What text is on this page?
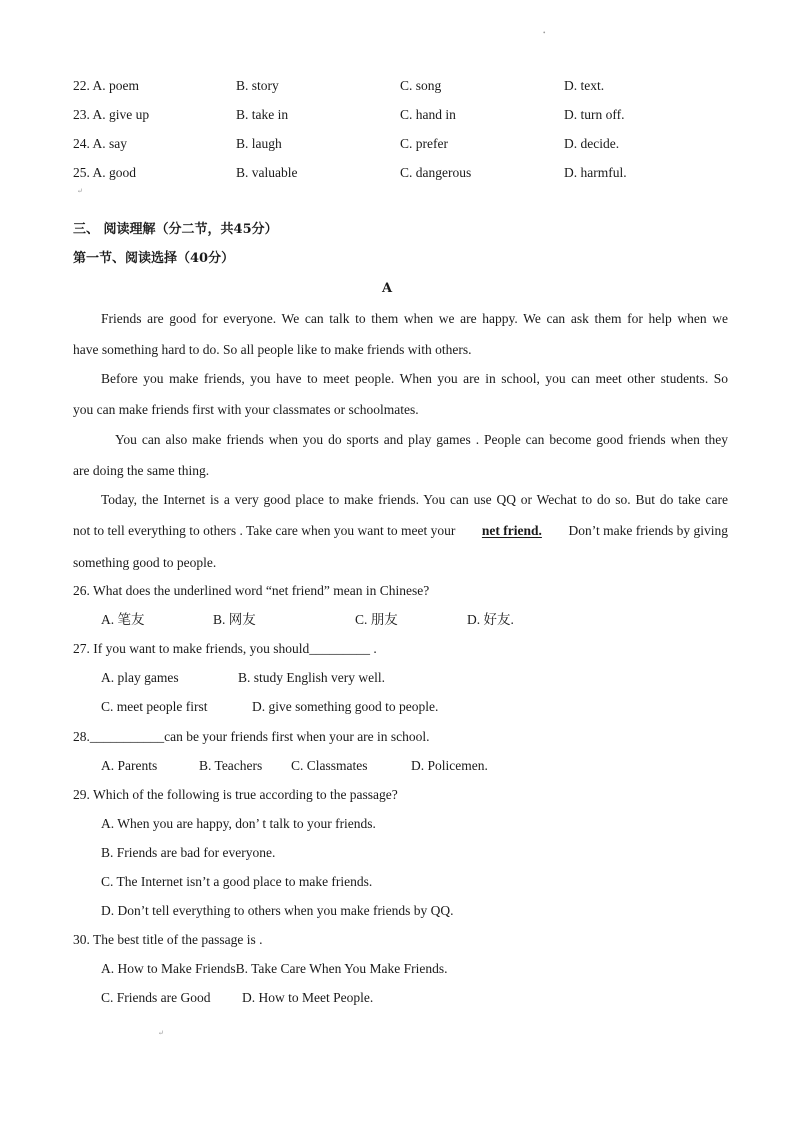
•
22. A. poem	B. story	C. song	D. text.
23. A. give up	B. take in	C. hand in	D. turn off.
24. A. say	B. laugh	C. prefer	D. decide.
25. A. good	B. valuable	C. dangerous	D. harmful.
↵
三、 阅读理解（分二节，共45分）
第一节、阅读选择（40分）
A
Friends are good for everyone. We can talk to them when we are happy. We can ask them for help when we
have something hard to do. So all people like to make friends with others.
Before you make friends, you have to meet people. When you are in school, you can meet other students. So
you can make friends first with your classmates or schoolmates.
You can also make friends when you do sports and play games . People can become good friends when they
are doing the same thing.
Today, the Internet is a very good place to make friends. You can use QQ or Wechat to do so. But do take care
not to tell everything to others . Take care when you want to meet your net friend. Don’t make friends by giving
something good to people.
26. What does the underlined word “net friend” mean in Chinese?
A. 笔友	B. 网友	C. 朋友	D. 好友.
27. If you want to make friends, you should_________ .
A. play games	B. study English very well.
C. meet people first	D. give something good to people.
28.___________can be your friends first when your are in school.
A. Parents	B. Teachers C. Classmates	D. Policemen.
29. Which of the following is true according to the passage?
A. When you are happy, don’ t talk to your friends.
B. Friends are bad for everyone.
C. The Internet isn’t a good place to make friends.
D. Don’t tell everything to others when you make friends by QQ.
30. The best title of the passage is .
A. How to Make FriendsB. Take Care When You Make Friends.
C. Friends are Good D. How to Meet People.
↵
